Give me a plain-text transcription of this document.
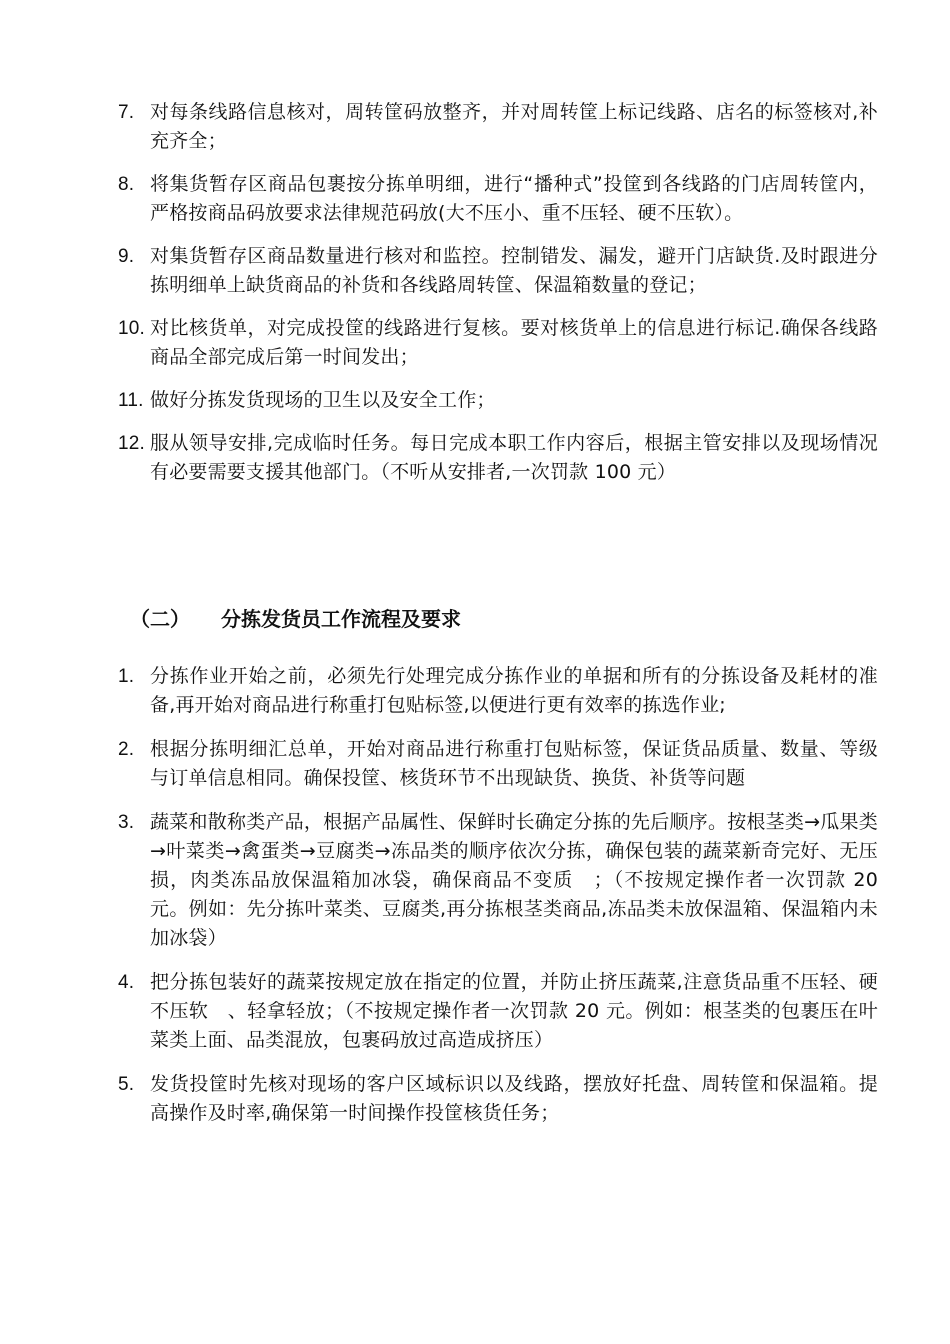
7. 对每条线路信息核对，周转筐码放整齐，并对周转筐上标记线路、店名的标签核对,补充齐全；
8. 将集货暂存区商品包裹按分拣单明细，进行“播种式”投筐到各线路的门店周转筐内，严格按商品码放要求法律规范码放(大不压小、重不压轻、硬不压软）。
9. 对集货暂存区商品数量进行核对和监控。控制错发、漏发，避开门店缺货.及时跟进分拣明细单上缺货商品的补货和各线路周转筐、保温箱数量的登记；
10. 对比核货单，对完成投筐的线路进行复核。要对核货单上的信息进行标记.确保各线路商品全部完成后第一时间发出；
11. 做好分拣发货现场的卫生以及安全工作；
12. 服从领导安排,完成临时任务。每日完成本职工作内容后，根据主管安排以及现场情况有必要需要支援其他部门。（不听从安排者,一次罚款 100 元）
（二） 分拣发货员工作流程及要求
1. 分拣作业开始之前，必须先行处理完成分拣作业的单据和所有的分拣设备及耗材的准备,再开始对商品进行称重打包贴标签,以便进行更有效率的拣选作业;
2. 根据分拣明细汇总单，开始对商品进行称重打包贴标签，保证货品质量、数量、等级与订单信息相同。确保投筐、核货环节不出现缺货、换货、补货等问题
3. 蔬菜和散称类产品，根据产品属性、保鲜时长确定分拣的先后顺序。按根茎类→瓜果类→叶菜类→禽蛋类→豆腐类→冻品类的顺序依次分拣，确保包装的蔬菜新奇完好、无压损，肉类冻品放保温箱加冰袋，确保商品不变质　；（不按规定操作者一次罚款 20 元。例如：先分拣叶菜类、豆腐类,再分拣根茎类商品,冻品类未放保温箱、保温箱内未加冰袋）
4. 把分拣包装好的蔬菜按规定放在指定的位置，并防止挤压蔬菜,注意货品重不压轻、硬不压软　、轻拿轻放；（不按规定操作者一次罚款 20 元。例如：根茎类的包裹压在叶菜类上面、品类混放，包裹码放过高造成挤压）
5. 发货投筐时先核对现场的客户区域标识以及线路，摆放好托盘、周转筐和保温箱。提高操作及时率,确保第一时间操作投筐核货任务；
